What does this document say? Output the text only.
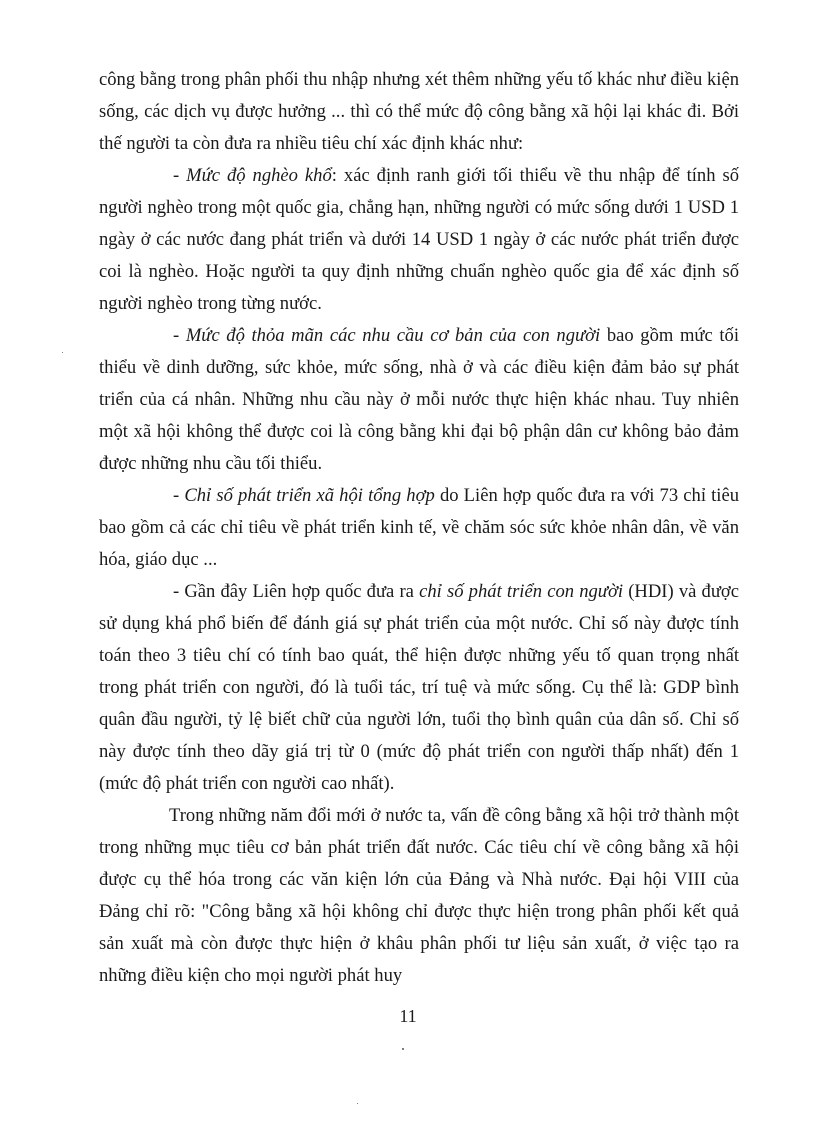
công bằng trong phân phối thu nhập nhưng xét thêm những yếu tố khác như điều kiện sống, các dịch vụ được hưởng ... thì có thể mức độ công bằng xã hội lại khác đi. Bởi thế người ta còn đưa ra nhiều tiêu chí xác định khác như:

- Mức độ nghèo khổ: xác định ranh giới tối thiểu về thu nhập để tính số người nghèo trong một quốc gia, chẳng hạn, những người có mức sống dưới 1 USD 1 ngày ở các nước đang phát triển và dưới 14 USD 1 ngày ở các nước phát triển được coi là nghèo. Hoặc người ta quy định những chuẩn nghèo quốc gia để xác định số người nghèo trong từng nước.

- Mức độ thỏa mãn các nhu cầu cơ bản của con người bao gồm mức tối thiểu về dinh dưỡng, sức khỏe, mức sống, nhà ở và các điều kiện đảm bảo sự phát triển của cá nhân. Những nhu cầu này ở mỗi nước thực hiện khác nhau. Tuy nhiên một xã hội không thể được coi là công bằng khi đại bộ phận dân cư không bảo đảm được những nhu cầu tối thiểu.

- Chỉ số phát triển xã hội tổng hợp do Liên hợp quốc đưa ra với 73 chỉ tiêu bao gồm cả các chỉ tiêu về phát triển kinh tế, về chăm sóc sức khỏe nhân dân, về văn hóa, giáo dục ...

- Gần đây Liên hợp quốc đưa ra chỉ số phát triển con người (HDI) và được sử dụng khá phổ biến để đánh giá sự phát triển của một nước. Chỉ số này được tính toán theo 3 tiêu chí có tính bao quát, thể hiện được những yếu tố quan trọng nhất trong phát triển con người, đó là tuổi tác, trí tuệ và mức sống. Cụ thể là: GDP bình quân đầu người, tỷ lệ biết chữ của người lớn, tuổi thọ bình quân của dân số. Chỉ số này được tính theo dãy giá trị từ 0 (mức độ phát triển con người thấp nhất) đến 1 (mức độ phát triển con người cao nhất).

Trong những năm đổi mới ở nước ta, vấn đề công bằng xã hội trở thành một trong những mục tiêu cơ bản phát triển đất nước. Các tiêu chí về công bằng xã hội được cụ thể hóa trong các văn kiện lớn của Đảng và Nhà nước. Đại hội VIII của Đảng chỉ rõ: "Công bằng xã hội không chỉ được thực hiện trong phân phối kết quả sản xuất mà còn được thực hiện ở khâu phân phối tư liệu sản xuất, ở việc tạo ra những điều kiện cho mọi người phát huy

11
